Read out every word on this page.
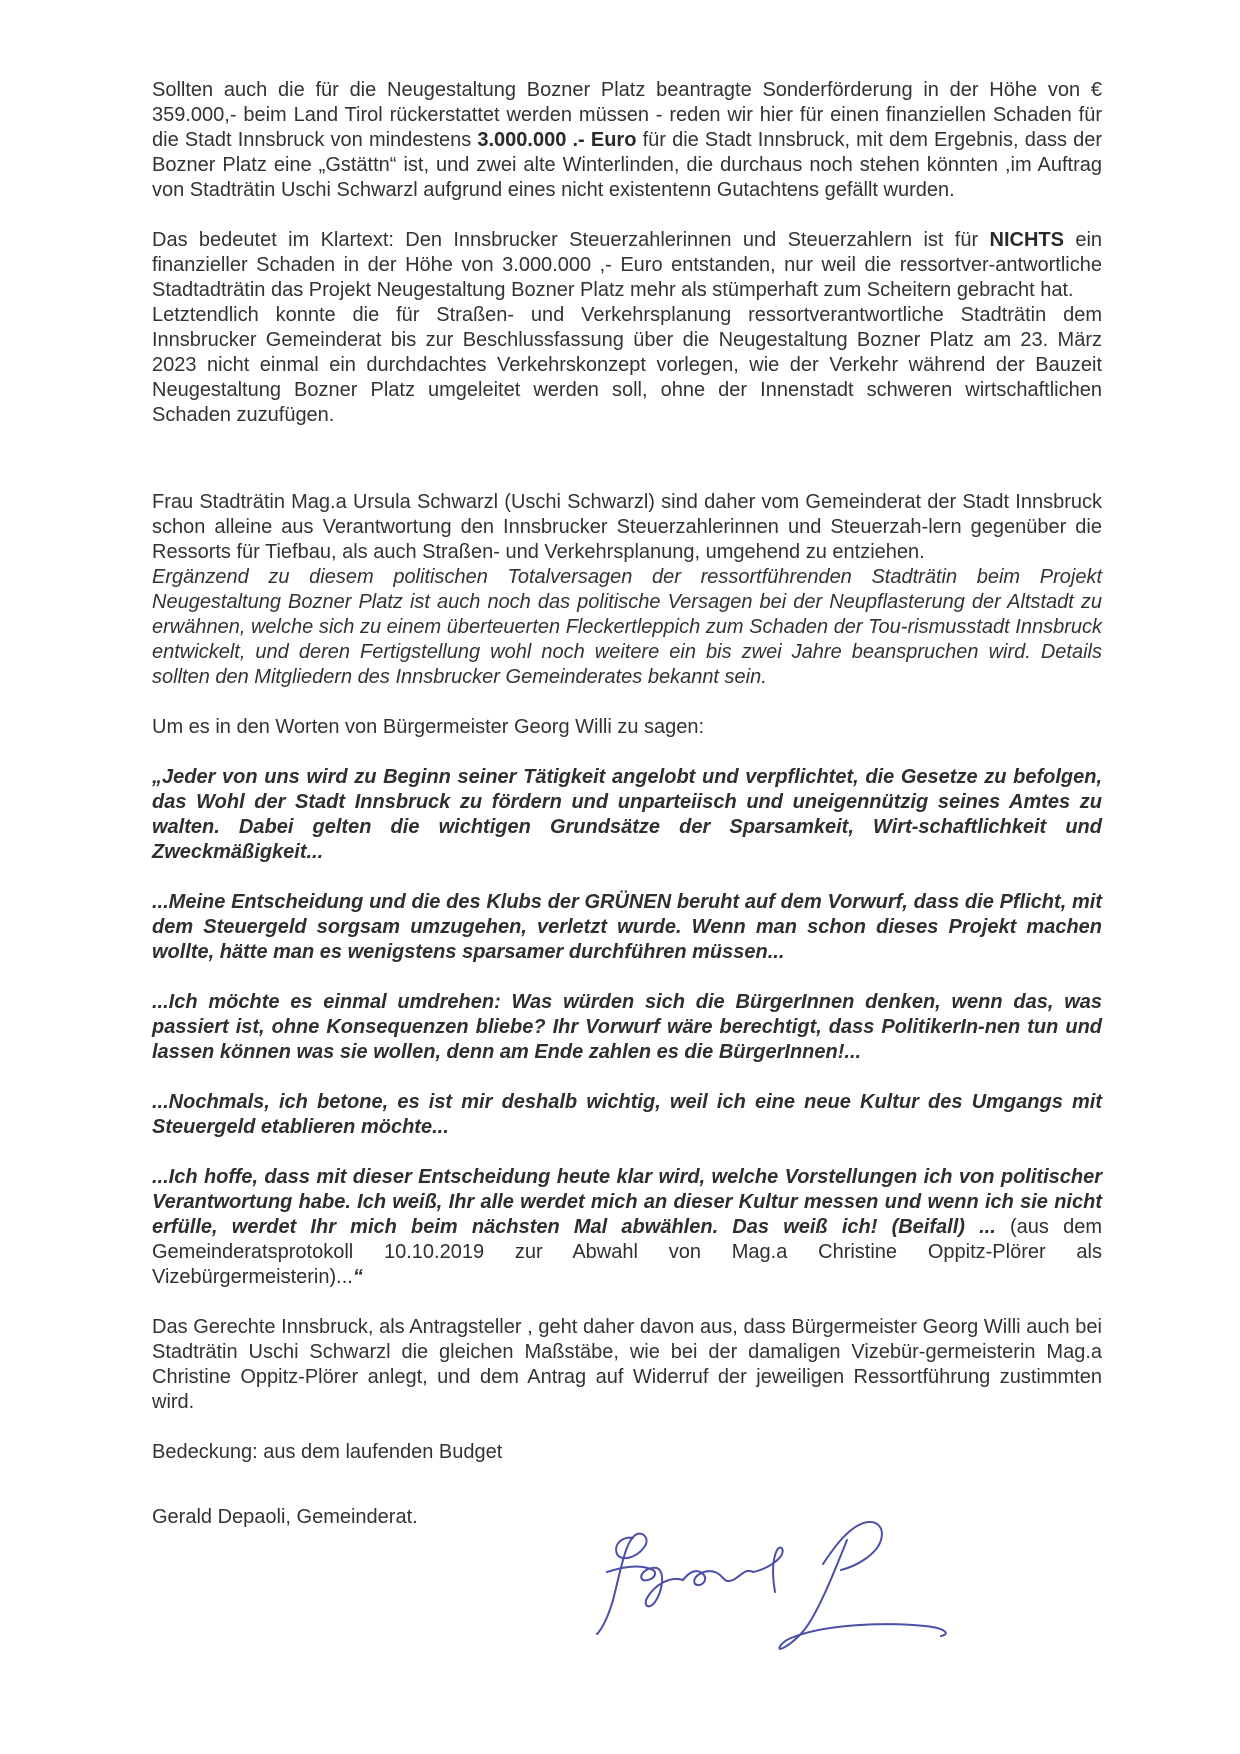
Sollten auch die für die Neugestaltung Bozner Platz beantragte Sonderförderung in der Höhe von € 359.000,- beim Land Tirol rückerstattet werden müssen - reden wir hier für einen finanziellen Schaden für die Stadt Innsbruck von mindestens 3.000.000 .- Euro für die Stadt Innsbruck, mit dem Ergebnis, dass der Bozner Platz eine „Gstättn“ ist, und zwei alte Winterlinden, die durchaus noch stehen könnten ,im Auftrag von Stadträtin Uschi Schwarzl aufgrund eines nicht existentenn Gutachtens gefällt wurden.

Das bedeutet im Klartext: Den Innsbrucker Steuerzahlerinnen und Steuerzahlern ist für NICHTS ein finanzieller Schaden in der Höhe von 3.000.000 ,- Euro entstanden, nur weil die ressortver-antwortliche Stadtadträtin das Projekt Neugestaltung Bozner Platz mehr als stümperhaft zum Scheitern gebracht hat.

Letztendlich konnte die für Straßen- und Verkehrsplanung ressortverantwortliche Stadträtin dem Innsbrucker Gemeinderat bis zur Beschlussfassung über die Neugestaltung Bozner Platz am 23. März 2023 nicht einmal ein durchdachtes Verkehrskonzept vorlegen, wie der Verkehr während der Bauzeit Neugestaltung Bozner Platz umgeleitet werden soll, ohne der Innenstadt schweren wirtschaftlichen Schaden zuzufügen.

Frau Stadträtin Mag.a Ursula Schwarzl (Uschi Schwarzl) sind daher vom Gemeinderat der Stadt Innsbruck schon alleine aus Verantwortung den Innsbrucker Steuerzahlerinnen und Steuerzah-lern gegenüber die Ressorts für Tiefbau, als auch Straßen- und Verkehrsplanung, umgehend zu entziehen.

Ergänzend zu diesem politischen Totalversagen der ressortführenden Stadträtin beim Projekt Neugestaltung Bozner Platz ist auch noch das politische Versagen bei der Neupflasterung der Altstadt zu erwähnen, welche sich zu einem überteuerten Fleckertleppich zum Schaden der Tou-rismusstadt Innsbruck entwickelt, und deren Fertigstellung wohl noch weitere ein bis zwei Jahre beanspruchen wird. Details sollten den Mitgliedern des Innsbrucker Gemeinderates bekannt sein.

Um es in den Worten von Bürgermeister Georg Willi zu sagen:

„Jeder von uns wird zu Beginn seiner Tätigkeit angelobt und verpflichtet, die Gesetze zu befolgen, das Wohl der Stadt Innsbruck zu fördern und unparteiisch und uneigennützig seines Amtes zu walten. Dabei gelten die wichtigen Grundsätze der Sparsamkeit, Wirt-schaftlichkeit und Zweckmäßigkeit...

...Meine Entscheidung und die des Klubs der GRÜNEN beruht auf dem Vorwurf, dass die Pflicht, mit dem Steuergeld sorgsam umzugehen, verletzt wurde. Wenn man schon dieses Projekt machen wollte, hätte man es wenigstens sparsamer durchführen müssen...

...Ich möchte es einmal umdrehen: Was würden sich die BürgerInnen denken, wenn das, was passiert ist, ohne Konsequenzen bliebe? Ihr Vorwurf wäre berechtigt, dass PolitikerIn-nen tun und lassen können was sie wollen, denn am Ende zahlen es die BürgerInnen!...

...Nochmals, ich betone, es ist mir deshalb wichtig, weil ich eine neue Kultur des Umgangs mit Steuergeld etablieren möchte...

...Ich hoffe, dass mit dieser Entscheidung heute klar wird, welche Vorstellungen ich von politischer Verantwortung habe. Ich weiß, Ihr alle werdet mich an dieser Kultur messen und wenn ich sie nicht erfülle, werdet Ihr mich beim nächsten Mal abwählen. Das weiß ich! (Beifall) ... (aus dem Gemeinderatsprotokoll 10.10.2019 zur Abwahl von Mag.a Christine Oppitz-Plörer als Vizebürgermeisterin)...“

Das Gerechte Innsbruck, als Antragsteller , geht daher davon aus, dass Bürgermeister Georg Willi auch bei Stadträtin Uschi Schwarzl die gleichen Maßstäbe, wie bei der damaligen Vizebür-germeisterin Mag.a Christine Oppitz-Plörer anlegt, und dem Antrag auf Widerruf der jeweiligen Ressortführung zustimmten wird.

Bedeckung: aus dem laufenden Budget

Gerald Depaoli, Gemeinderat.
